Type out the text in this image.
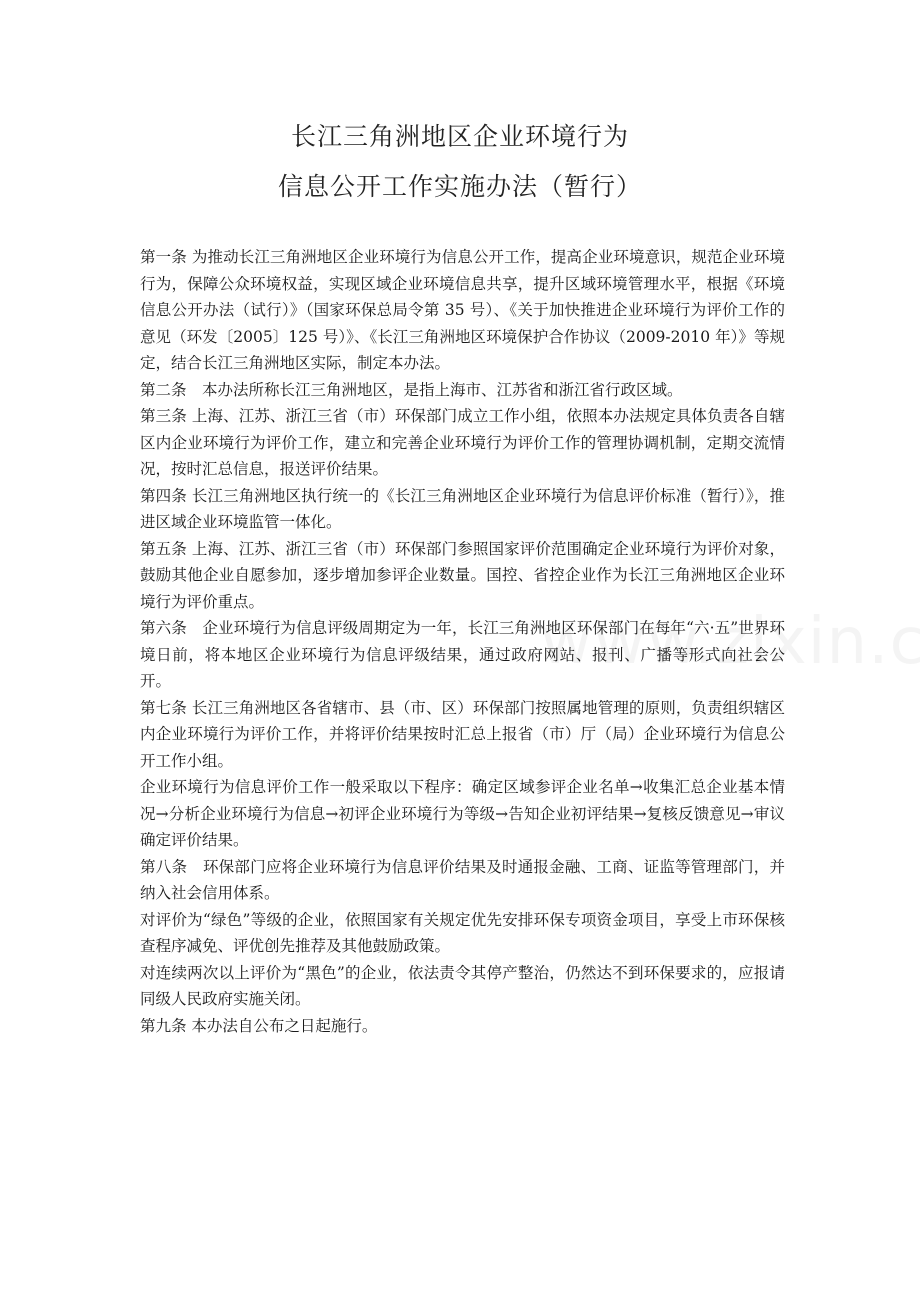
长江三角洲地区企业环境行为
信息公开工作实施办法（暂行）

第一条 为推动长江三角洲地区企业环境行为信息公开工作，提高企业环境意识，规范企业环境行为，保障公众环境权益，实现区域企业环境信息共享，提升区域环境管理水平，根据《环境信息公开办法（试行）》（国家环保总局令第 35 号）、《关于加快推进企业环境行为评价工作的意见（环发〔2005〕125 号）》、《长江三角洲地区环境保护合作协议（2009-2010 年）》等规定，结合长江三角洲地区实际，制定本办法。

第二条　本办法所称长江三角洲地区，是指上海市、江苏省和浙江省行政区域。

第三条 上海、江苏、浙江三省（市）环保部门成立工作小组，依照本办法规定具体负责各自辖区内企业环境行为评价工作，建立和完善企业环境行为评价工作的管理协调机制，定期交流情况，按时汇总信息，报送评价结果。

第四条 长江三角洲地区执行统一的《长江三角洲地区企业环境行为信息评价标准（暂行）》，推进区域企业环境监管一体化。

第五条 上海、江苏、浙江三省（市）环保部门参照国家评价范围确定企业环境行为评价对象，鼓励其他企业自愿参加，逐步增加参评企业数量。国控、省控企业作为长江三角洲地区企业环境行为评价重点。

第六条　企业环境行为信息评级周期定为一年，长江三角洲地区环保部门在每年“六·五”世界环境日前，将本地区企业环境行为信息评级结果，通过政府网站、报刊、广播等形式向社会公开。

第七条 长江三角洲地区各省辖市、县（市、区）环保部门按照属地管理的原则，负责组织辖区内企业环境行为评价工作，并将评价结果按时汇总上报省（市）厅（局）企业环境行为信息公开工作小组。

企业环境行为信息评价工作一般采取以下程序：确定区域参评企业名单→收集汇总企业基本情况→分析企业环境行为信息→初评企业环境行为等级→告知企业初评结果→复核反馈意见→审议确定评价结果。

第八条　环保部门应将企业环境行为信息评价结果及时通报金融、工商、证监等管理部门，并纳入社会信用体系。

对评价为“绿色”等级的企业，依照国家有关规定优先安排环保专项资金项目，享受上市环保核查程序减免、评优创先推荐及其他鼓励政策。

对连续两次以上评价为“黑色”的企业，依法责令其停产整治，仍然达不到环保要求的，应报请同级人民政府实施关闭。

第九条 本办法自公布之日起施行。
